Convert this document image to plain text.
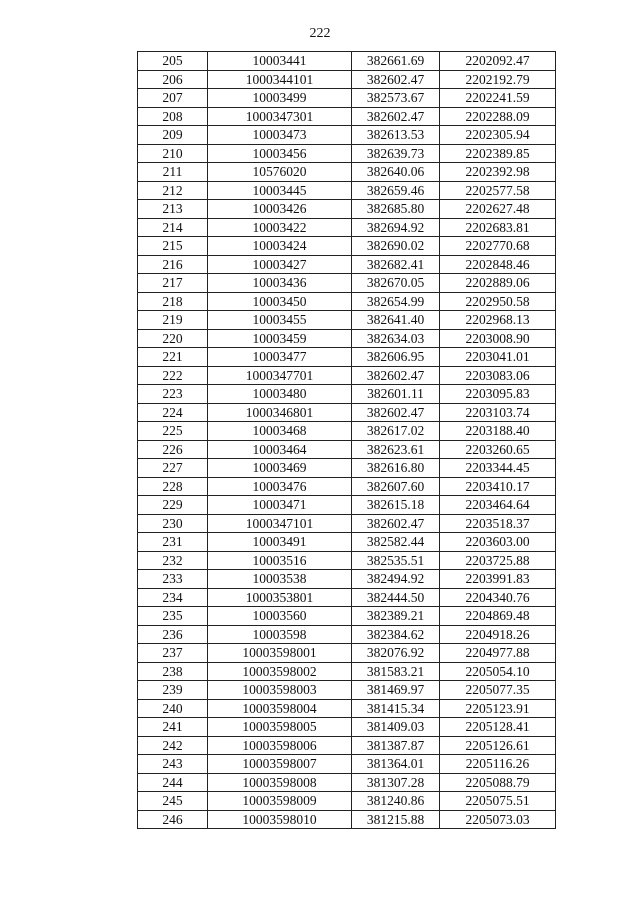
222
205	10003441	382661.69	2202092.47
206	1000344101	382602.47	2202192.79
207	10003499	382573.67	2202241.59
208	1000347301	382602.47	2202288.09
209	10003473	382613.53	2202305.94
210	10003456	382639.73	2202389.85
211	10576020	382640.06	2202392.98
212	10003445	382659.46	2202577.58
213	10003426	382685.80	2202627.48
214	10003422	382694.92	2202683.81
215	10003424	382690.02	2202770.68
216	10003427	382682.41	2202848.46
217	10003436	382670.05	2202889.06
218	10003450	382654.99	2202950.58
219	10003455	382641.40	2202968.13
220	10003459	382634.03	2203008.90
221	10003477	382606.95	2203041.01
222	1000347701	382602.47	2203083.06
223	10003480	382601.11	2203095.83
224	1000346801	382602.47	2203103.74
225	10003468	382617.02	2203188.40
226	10003464	382623.61	2203260.65
227	10003469	382616.80	2203344.45
228	10003476	382607.60	2203410.17
229	10003471	382615.18	2203464.64
230	1000347101	382602.47	2203518.37
231	10003491	382582.44	2203603.00
232	10003516	382535.51	2203725.88
233	10003538	382494.92	2203991.83
234	1000353801	382444.50	2204340.76
235	10003560	382389.21	2204869.48
236	10003598	382384.62	2204918.26
237	10003598001	382076.92	2204977.88
238	10003598002	381583.21	2205054.10
239	10003598003	381469.97	2205077.35
240	10003598004	381415.34	2205123.91
241	10003598005	381409.03	2205128.41
242	10003598006	381387.87	2205126.61
243	10003598007	381364.01	2205116.26
244	10003598008	381307.28	2205088.79
245	10003598009	381240.86	2205075.51
246	10003598010	381215.88	2205073.03
